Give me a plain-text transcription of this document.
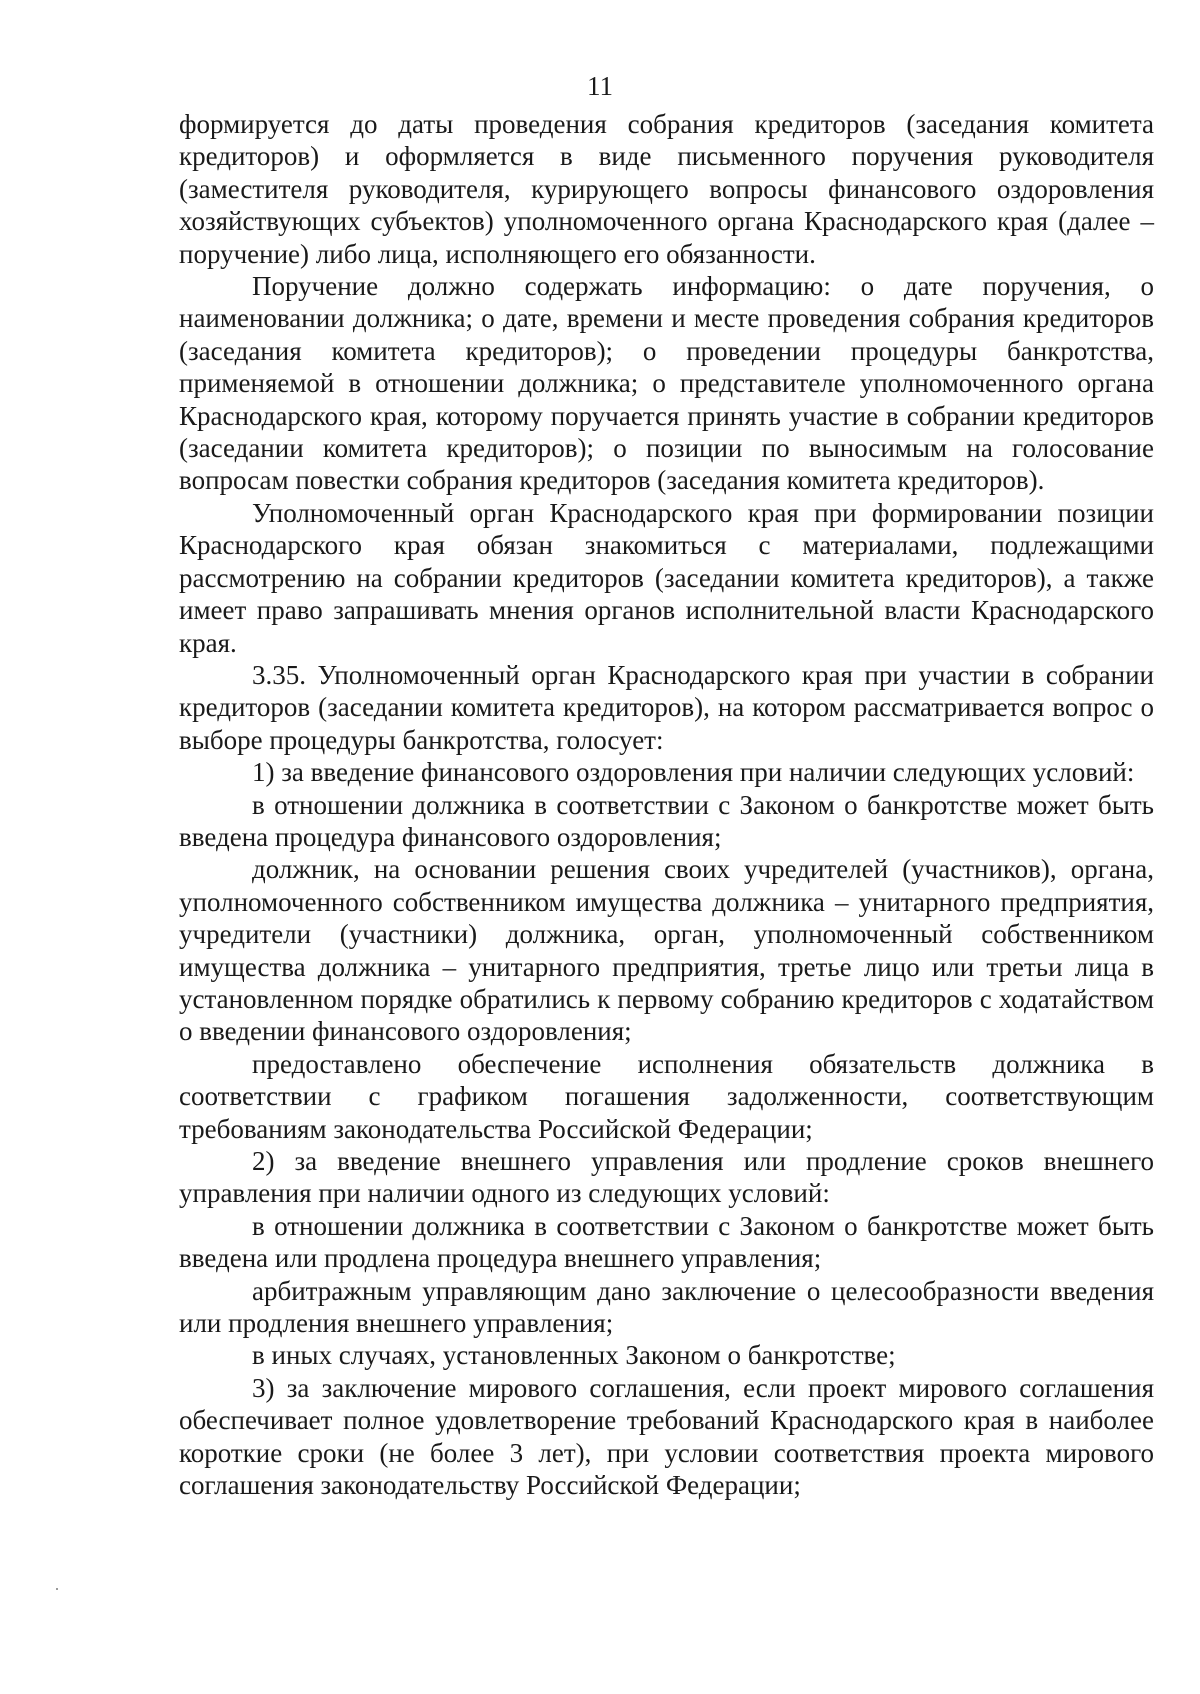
11

формируется до даты проведения собрания кредиторов (заседания комитета кредиторов) и оформляется в виде письменного поручения руководителя (заместителя руководителя, курирующего вопросы финансового оздоровления хозяйствующих субъектов) уполномоченного органа Краснодарского края (далее – поручение) либо лица, исполняющего его обязанности.

Поручение должно содержать информацию: о дате поручения, о наименовании должника; о дате, времени и месте проведения собрания кредиторов (заседания комитета кредиторов); о проведении процедуры банкротства, применяемой в отношении должника; о представителе уполномоченного органа Краснодарского края, которому поручается принять участие в собрании кредиторов (заседании комитета кредиторов); о позиции по выносимым на голосование вопросам повестки собрания кредиторов (заседания комитета кредиторов).

Уполномоченный орган Краснодарского края при формировании позиции Краснодарского края обязан знакомиться с материалами, подлежащими рассмотрению на собрании кредиторов (заседании комитета кредиторов), а также имеет право запрашивать мнения органов исполнительной власти Краснодарского края.

3.35. Уполномоченный орган Краснодарского края при участии в собрании кредиторов (заседании комитета кредиторов), на котором рассматривается вопрос о выборе процедуры банкротства, голосует:

1) за введение финансового оздоровления при наличии следующих условий:

в отношении должника в соответствии с Законом о банкротстве может быть введена процедура финансового оздоровления;

должник, на основании решения своих учредителей (участников), органа, уполномоченного собственником имущества должника – унитарного предприятия, учредители (участники) должника, орган, уполномоченный собственником имущества должника – унитарного предприятия, третье лицо или третьи лица в установленном порядке обратились к первому собранию кредиторов с ходатайством о введении финансового оздоровления;

предоставлено обеспечение исполнения обязательств должника в соответствии с графиком погашения задолженности, соответствующим требованиям законодательства Российской Федерации;

2) за введение внешнего управления или продление сроков внешнего управления при наличии одного из следующих условий:

в отношении должника в соответствии с Законом о банкротстве может быть введена или продлена процедура внешнего управления;

арбитражным управляющим дано заключение о целесообразности введения или продления внешнего управления;

в иных случаях, установленных Законом о банкротстве;

3) за заключение мирового соглашения, если проект мирового соглашения обеспечивает полное удовлетворение требований Краснодарского края в наиболее короткие сроки (не более 3 лет), при условии соответствия проекта мирового соглашения законодательству Российской Федерации;
